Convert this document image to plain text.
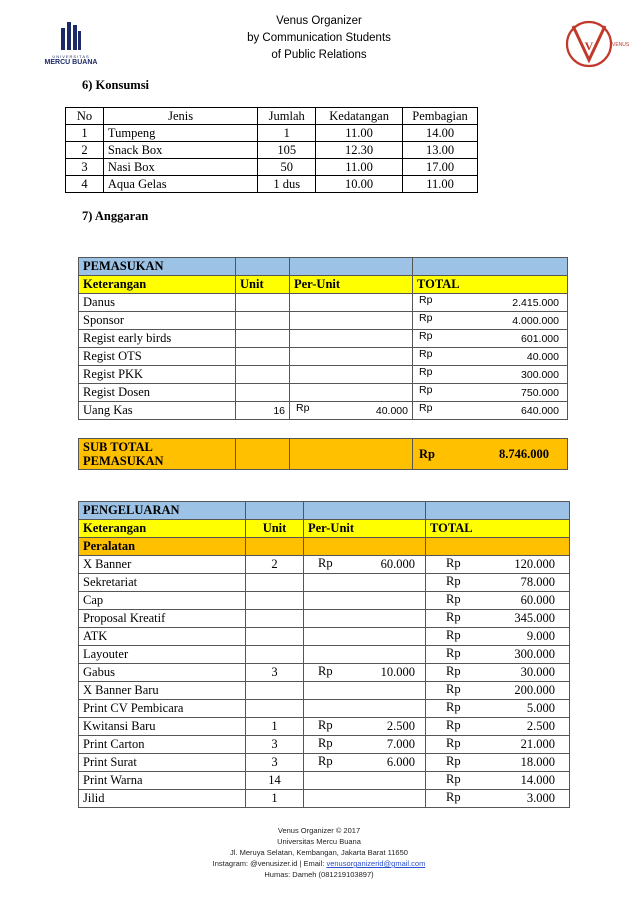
UNIVERSITAS
MERCU BUANA
Venus Organizer
by Communication Students
of Public Relations
V	VENUS
6) Konsumsi
No	Jenis	Jumlah	Kedatangan	Pembagian
1	Tumpeng	1	11.00	14.00
2	Snack Box	105	12.30	13.00
3	Nasi Box	50	11.00	17.00
4	Aqua Gelas	1 dus	10.00	11.00
7) Anggaran
PEMASUKAN			
Keterangan	Unit	Per-Unit	TOTAL
Danus			Rp 2.415.000

Sponsor			Rp 4.000.000

Regist early birds			Rp 601.000

Regist OTS			Rp 40.000

Regist PKK			Rp 300.000

Regist Dosen			Rp 750.000

Uang Kas	16	Rp 40.000	Rp 640.000
SUB TOTAL
PEMASUKAN			Rp	8.746.000
PENGELUARAN			
Keterangan	Unit	Per-Unit	TOTAL
Peralatan			
X Banner	2	Rp 60.000	Rp 120.000

Sekretariat			Rp 78.000

Cap			Rp 60.000

Proposal Kreatif			Rp 345.000

ATK			Rp 9.000

Layouter			Rp 300.000

Gabus	3	Rp 10.000	Rp 30.000

X Banner Baru			Rp 200.000

Print CV Pembicara			Rp 5.000

Kwitansi Baru	1	Rp 2.500	Rp 2.500

Print Carton	3	Rp 7.000	Rp 21.000

Print Surat	3	Rp 6.000	Rp 18.000

Print Warna	14		Rp 14.000

Jilid	1		Rp 3.000
Venus Organizer © 2017
Universitas Mercu Buana
Jl. Meruya Selatan, Kembangan, Jakarta Barat 11650
Instagram: @venusizer.id | Email: venusorganizerid@gmail.com
Humas: Dameh (081219103897)
